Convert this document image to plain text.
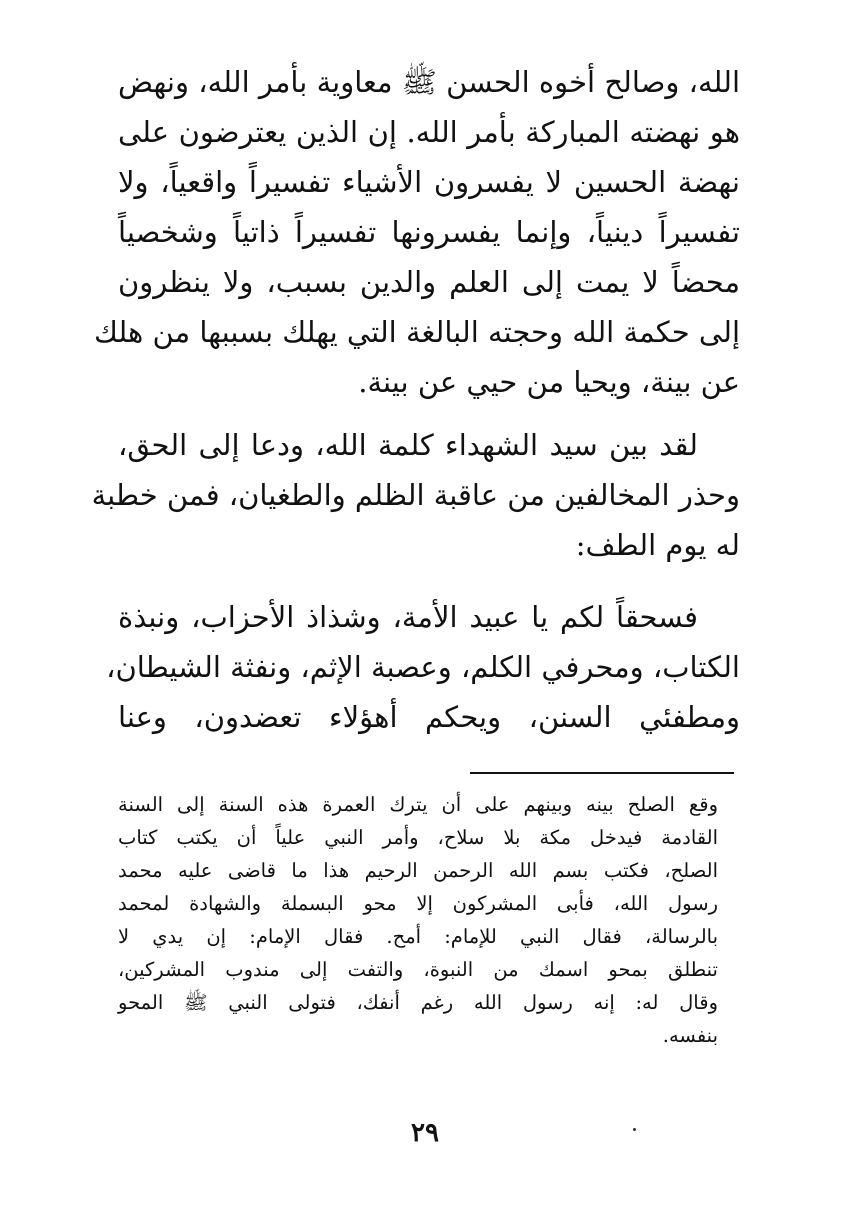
الله، وصالح أخوه الحسن ﷺ معاوية بأمر الله، ونهض
هو نهضته المباركة بأمر الله. إن الذين يعترضون على
نهضة الحسين لا يفسرون الأشياء تفسيراً واقعياً، ولا
تفسيراً دينياً، وإنما يفسرونها تفسيراً ذاتياً وشخصياً
محضاً لا يمت إلى العلم والدين بسبب، ولا ينظرون
إلى حكمة الله وحجته البالغة التي يهلك بسببها من هلك
عن بينة، ويحيا من حيي عن بينة.
لقد بين سيد الشهداء كلمة الله، ودعا إلى الحق،
وحذر المخالفين من عاقبة الظلم والطغيان، فمن خطبة
له يوم الطف:
فسحقاً لكم يا عبيد الأمة، وشذاذ الأحزاب، ونبذة
الكتاب، ومحرفي الكلم، وعصبة الإثم، ونفثة الشيطان،
ومطفئي السنن، ويحكم أهؤلاء تعضدون، وعنا
وقع الصلح بينه وبينهم على أن يترك العمرة هذه السنة إلى السنة
القادمة فيدخل مكة بلا سلاح، وأمر النبي علياً أن يكتب كتاب
الصلح، فكتب بسم الله الرحمن الرحيم هذا ما قاضى عليه محمد
رسول الله، فأبى المشركون إلا محو البسملة والشهادة لمحمد
بالرسالة، فقال النبي للإمام: أمح. فقال الإمام: إن يدي لا
تنطلق بمحو اسمك من النبوة، والتفت إلى مندوب المشركين،
وقال له: إنه رسول الله رغم أنفك، فتولى النبي ﷺ المحو
بنفسه.
٢٩
